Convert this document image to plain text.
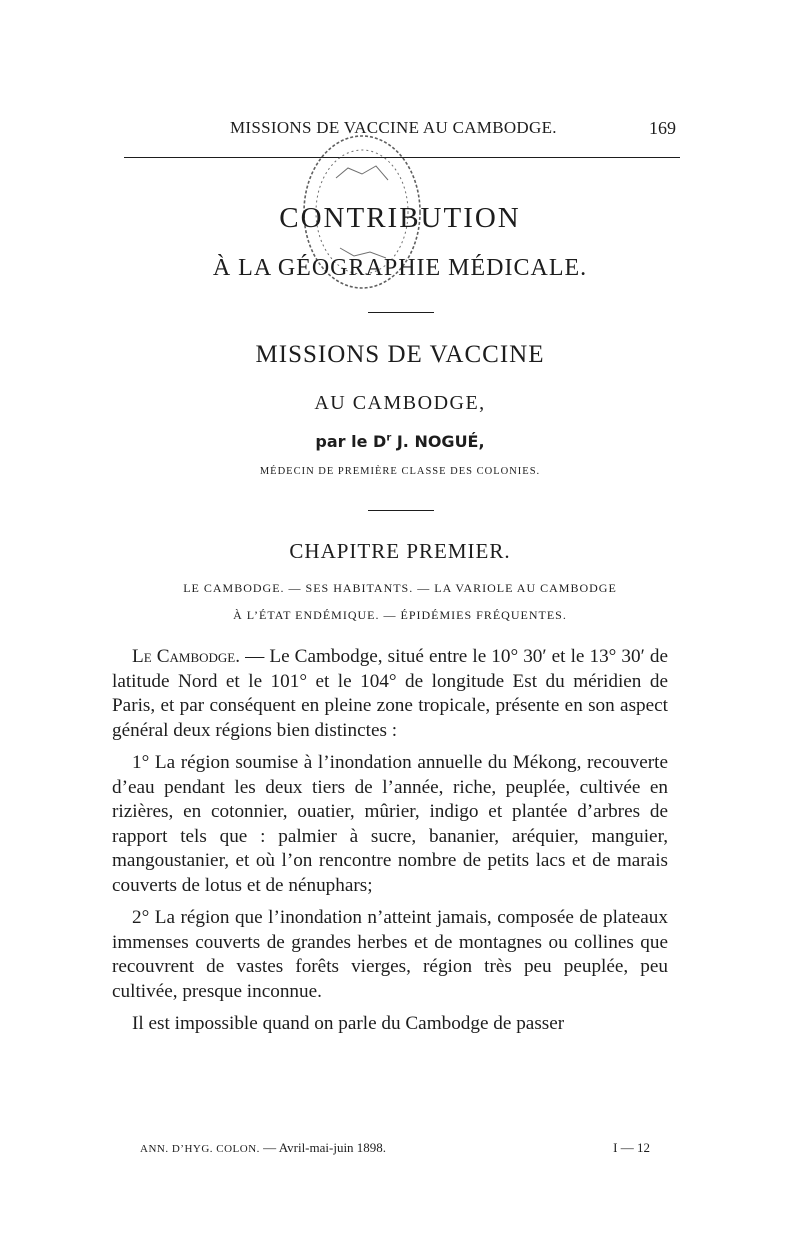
MISSIONS DE VACCINE AU CAMBODGE.	169
CONTRIBUTION
À LA GÉOGRAPHIE MÉDICALE.
MISSIONS DE VACCINE
AU CAMBODGE,
par le $D^r$ J. NOGUÉ,
MÉDECIN DE PREMIÈRE CLASSE DES COLONIES.
CHAPITRE PREMIER.
LE CAMBODGE. — SES HABITANTS. — LA VARIOLE AU CAMBODGE
À L’ÉTAT ENDÉMIQUE. — ÉPIDÉMIES FRÉQUENTES.

Le Cambodge. — Le Cambodge, situé entre le 10° 30′ et le 13° 30′ de latitude Nord et le 101° et le 104° de longitude Est du méridien de Paris, et par conséquent en pleine zone tropicale, présente en son aspect général deux régions bien distinctes :

1° La région soumise à l’inondation annuelle du Mékong, recouverte d’eau pendant les deux tiers de l’année, riche, peuplée, cultivée en rizières, en cotonnier, ouatier, mûrier, indigo et plantée d’arbres de rapport tels que : palmier à sucre, bananier, aréquier, manguier, mangoustanier, et où l’on rencontre nombre de petits lacs et de marais couverts de lotus et de nénuphars;

2° La région que l’inondation n’atteint jamais, composée de plateaux immenses couverts de grandes herbes et de montagnes ou collines que recouvrent de vastes forêts vierges, région très peu peuplée, peu cultivée, presque inconnue.

Il est impossible quand on parle du Cambodge de passer

ANN. D’HYG. COLON. — Avril-mai-juin 1898.	I — 12
